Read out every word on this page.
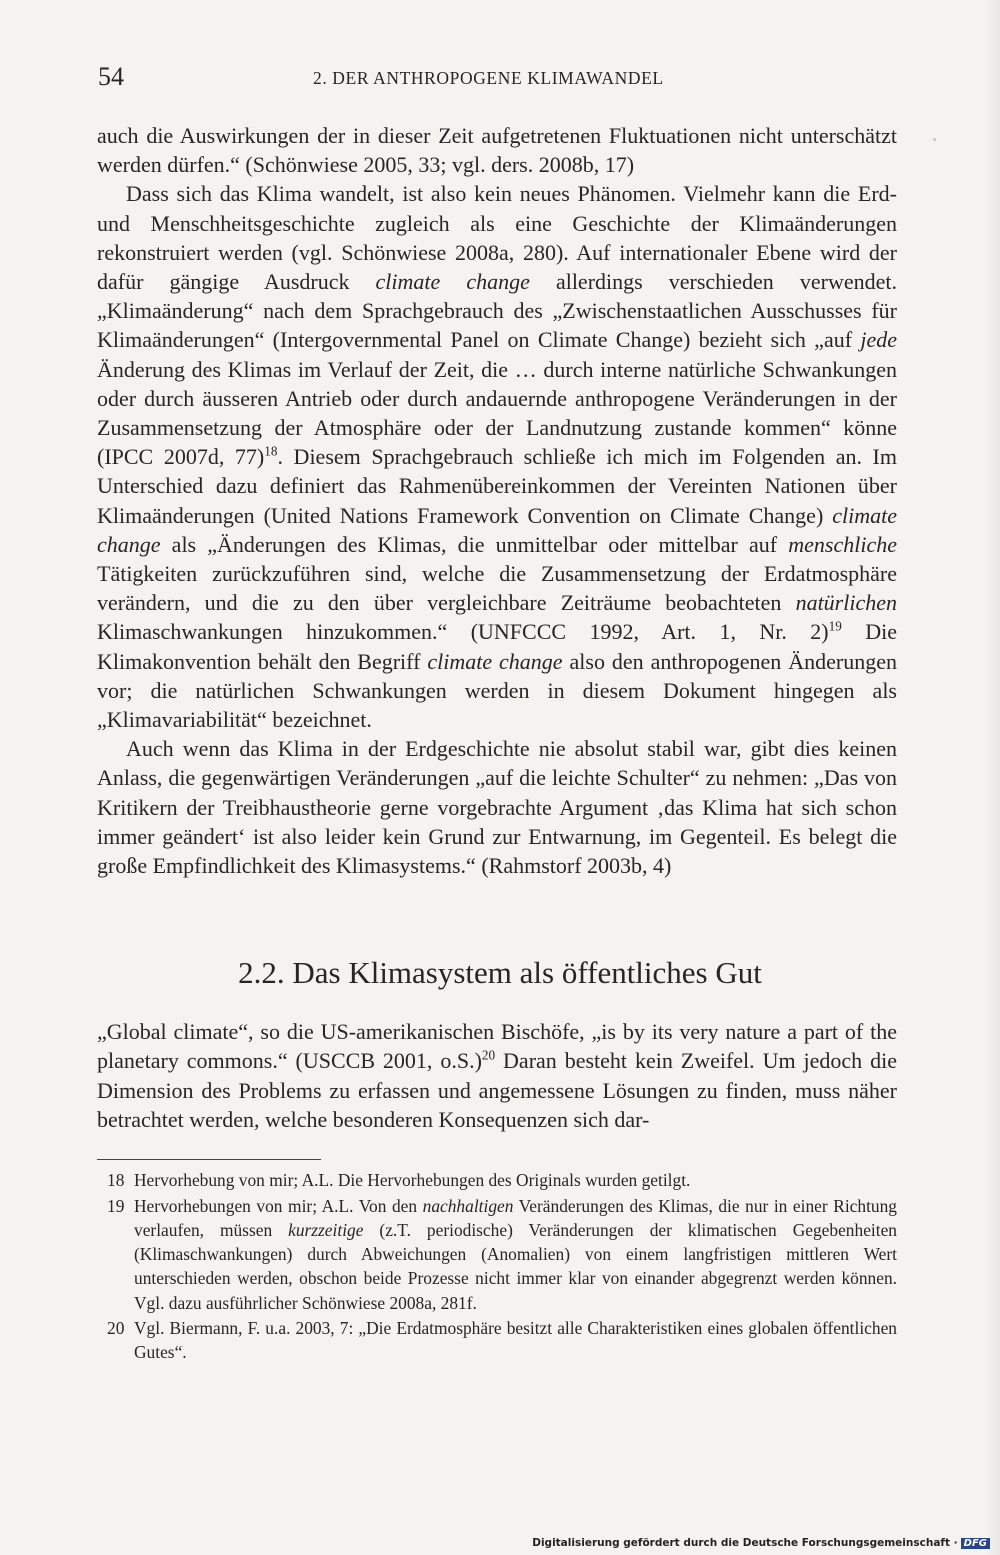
54	2. DER ANTHROPOGENE KLIMAWANDEL

auch die Auswirkungen der in dieser Zeit aufgetretenen Fluktuationen nicht unterschätzt werden dürfen.“ (Schönwiese 2005, 33; vgl. ders. 2008b, 17)

Dass sich das Klima wandelt, ist also kein neues Phänomen. Vielmehr kann die Erd- und Menschheitsgeschichte zugleich als eine Geschichte der Klimaänderungen rekonstruiert werden (vgl. Schönwiese 2008a, 280). Auf internationaler Ebene wird der dafür gängige Ausdruck climate change allerdings verschieden verwendet. „Klimaänderung“ nach dem Sprachgebrauch des „Zwischenstaatlichen Ausschusses für Klimaänderungen“ (Intergovernmental Panel on Climate Change) bezieht sich „auf jede Änderung des Klimas im Verlauf der Zeit, die … durch interne natürliche Schwankungen oder durch äusseren Antrieb oder durch andauernde anthropogene Veränderungen in der Zusammensetzung der Atmosphäre oder der Landnutzung zustande kommen“ könne (IPCC 2007d, 77)$^{18}$. Diesem Sprachgebrauch schließe ich mich im Folgenden an. Im Unterschied dazu definiert das Rahmenübereinkommen der Vereinten Nationen über Klimaänderungen (United Nations Framework Convention on Climate Change) climate change als „Änderungen des Klimas, die unmittelbar oder mittelbar auf menschliche Tätigkeiten zurückzuführen sind, welche die Zusammensetzung der Erdatmosphäre verändern, und die zu den über vergleichbare Zeiträume beobachteten natürlichen Klimaschwankungen hinzukommen.“ (UNFCCC 1992, Art. 1, Nr. 2)$^{19}$ Die Klimakonvention behält den Begriff climate change also den anthropogenen Änderungen vor; die natürlichen Schwankungen werden in diesem Dokument hingegen als „Klimavariabilität“ bezeichnet.

Auch wenn das Klima in der Erdgeschichte nie absolut stabil war, gibt dies keinen Anlass, die gegenwärtigen Veränderungen „auf die leichte Schulter“ zu nehmen: „Das von Kritikern der Treibhaustheorie gerne vorgebrachte Argument ‚das Klima hat sich schon immer geändert‘ ist also leider kein Grund zur Entwarnung, im Gegenteil. Es belegt die große Empfindlichkeit des Klimasystems.“ (Rahmstorf 2003b, 4)

2.2. Das Klimasystem als öffentliches Gut

„Global climate“, so die US-amerikanischen Bischöfe, „is by its very nature a part of the planetary commons.“ (USCCB 2001, o.S.)$^{20}$ Daran besteht kein Zweifel. Um jedoch die Dimension des Problems zu erfassen und angemessene Lösungen zu finden, muss näher betrachtet werden, welche besonderen Konsequenzen sich dar-

18 Hervorhebung von mir; A.L. Die Hervorhebungen des Originals wurden getilgt.
19 Hervorhebungen von mir; A.L. Von den nachhaltigen Veränderungen des Klimas, die nur in einer Richtung verlaufen, müssen kurzzeitige (z.T. periodische) Veränderungen der klimatischen Gegebenheiten (Klimaschwankungen) durch Abweichungen (Anomalien) von einem langfristigen mittleren Wert unterschieden werden, obschon beide Prozesse nicht immer klar von einander abgegrenzt werden können. Vgl. dazu ausführlicher Schönwiese 2008a, 281f.
20 Vgl. Biermann, F. u.a. 2003, 7: „Die Erdatmosphäre besitzt alle Charakteristiken eines globalen öffentlichen Gutes“.
Digitalisierung gefördert durch die Deutsche Forschungsgemeinschaft · DFG
